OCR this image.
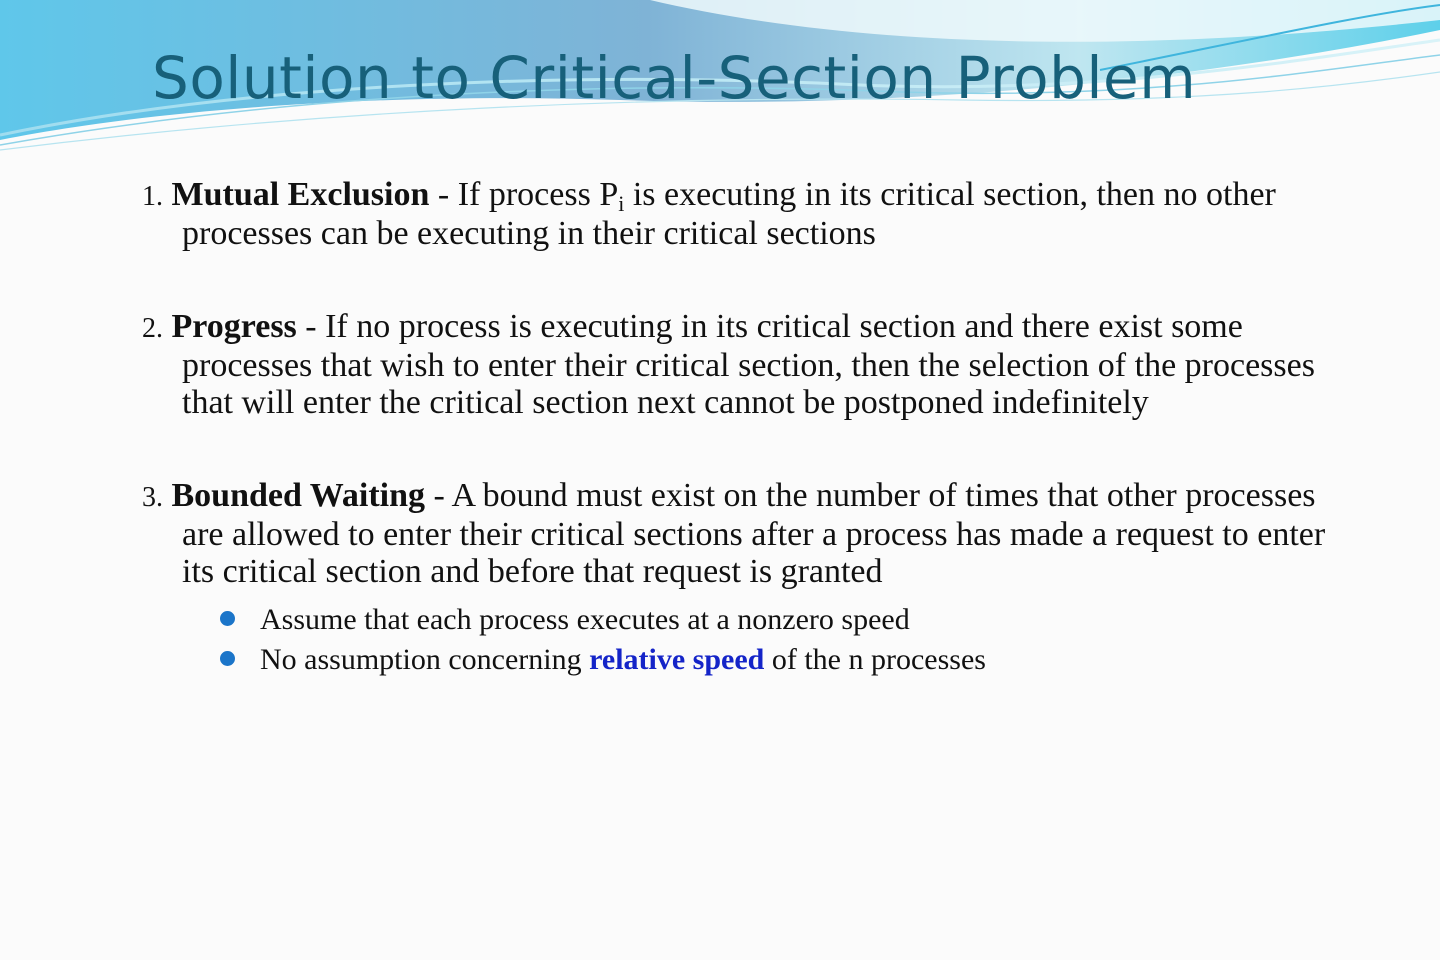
Solution to Critical-Section Problem

1. Mutual Exclusion - If process $P_i$ is executing in its critical section, then no other processes can be executing in their critical sections

2. Progress - If no process is executing in its critical section and there exist some processes that wish to enter their critical section, then the selection of the processes that will enter the critical section next cannot be postponed indefinitely

3. Bounded Waiting - A bound must exist on the number of times that other processes are allowed to enter their critical sections after a process has made a request to enter its critical section and before that request is granted

Assume that each process executes at a nonzero speed
No assumption concerning relative speed of the n processes
